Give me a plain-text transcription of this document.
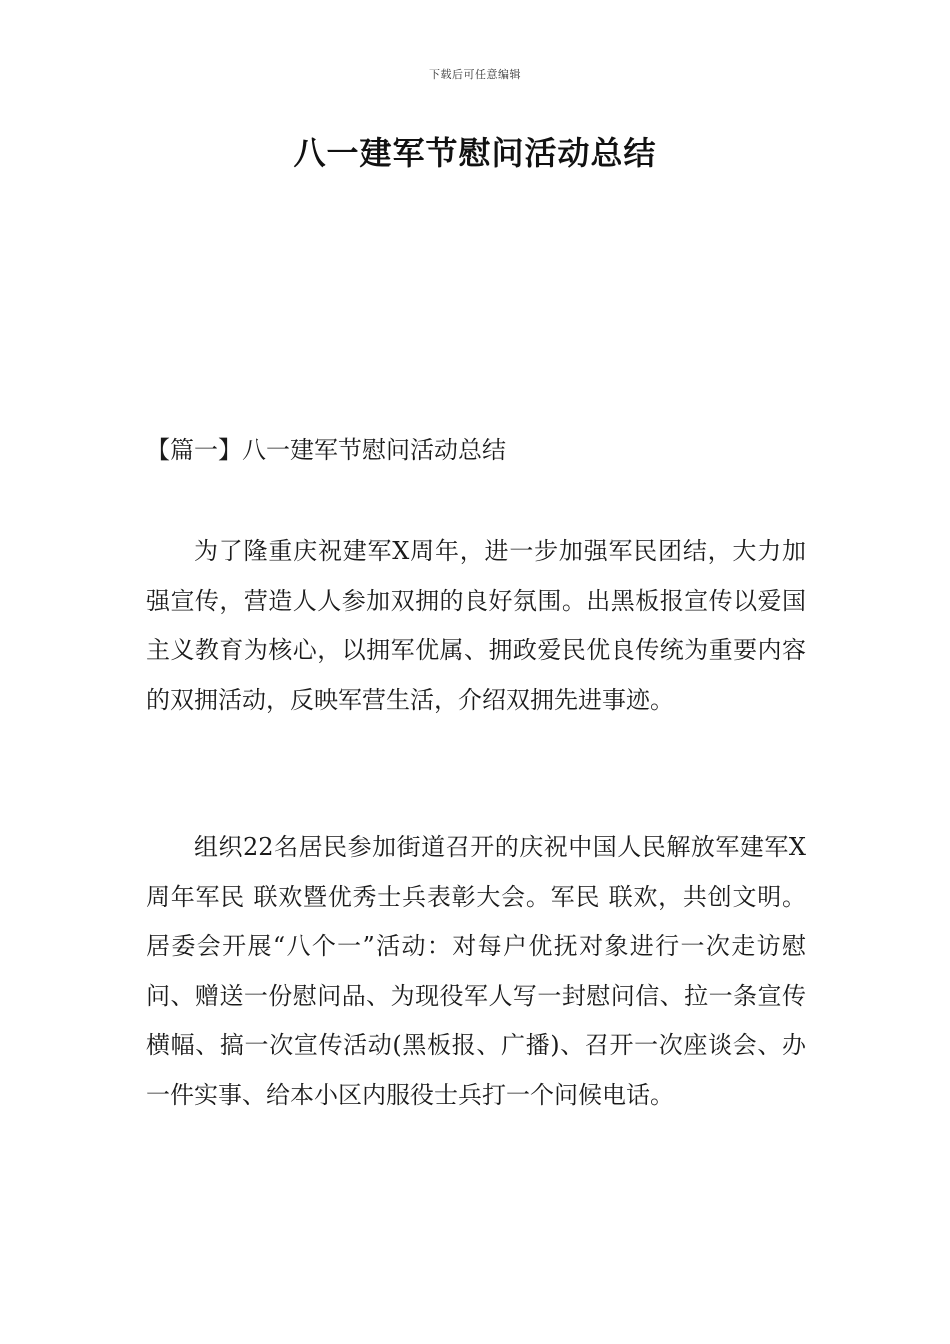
下载后可任意编辑
八一建军节慰问活动总结
【篇一】八一建军节慰问活动总结

为了隆重庆祝建军X周年，进一步加强军民团结，大力加强宣传，营造人人参加双拥的良好氛围。出黑板报宣传以爱国主义教育为核心，以拥军优属、拥政爱民优良传统为重要内容的双拥活动，反映军营生活，介绍双拥先进事迹。

组织22名居民参加街道召开的庆祝中国人民解放军建军X周年军民 联欢暨优秀士兵表彰大会。军民 联欢，共创文明。居委会开展“八个一”活动：对每户优抚对象进行一次走访慰问、赠送一份慰问品、为现役军人写一封慰问信、拉一条宣传横幅、搞一次宣传活动(黑板报、广播)、召开一次座谈会、办一件实事、给本小区内服役士兵打一个问候电话。
